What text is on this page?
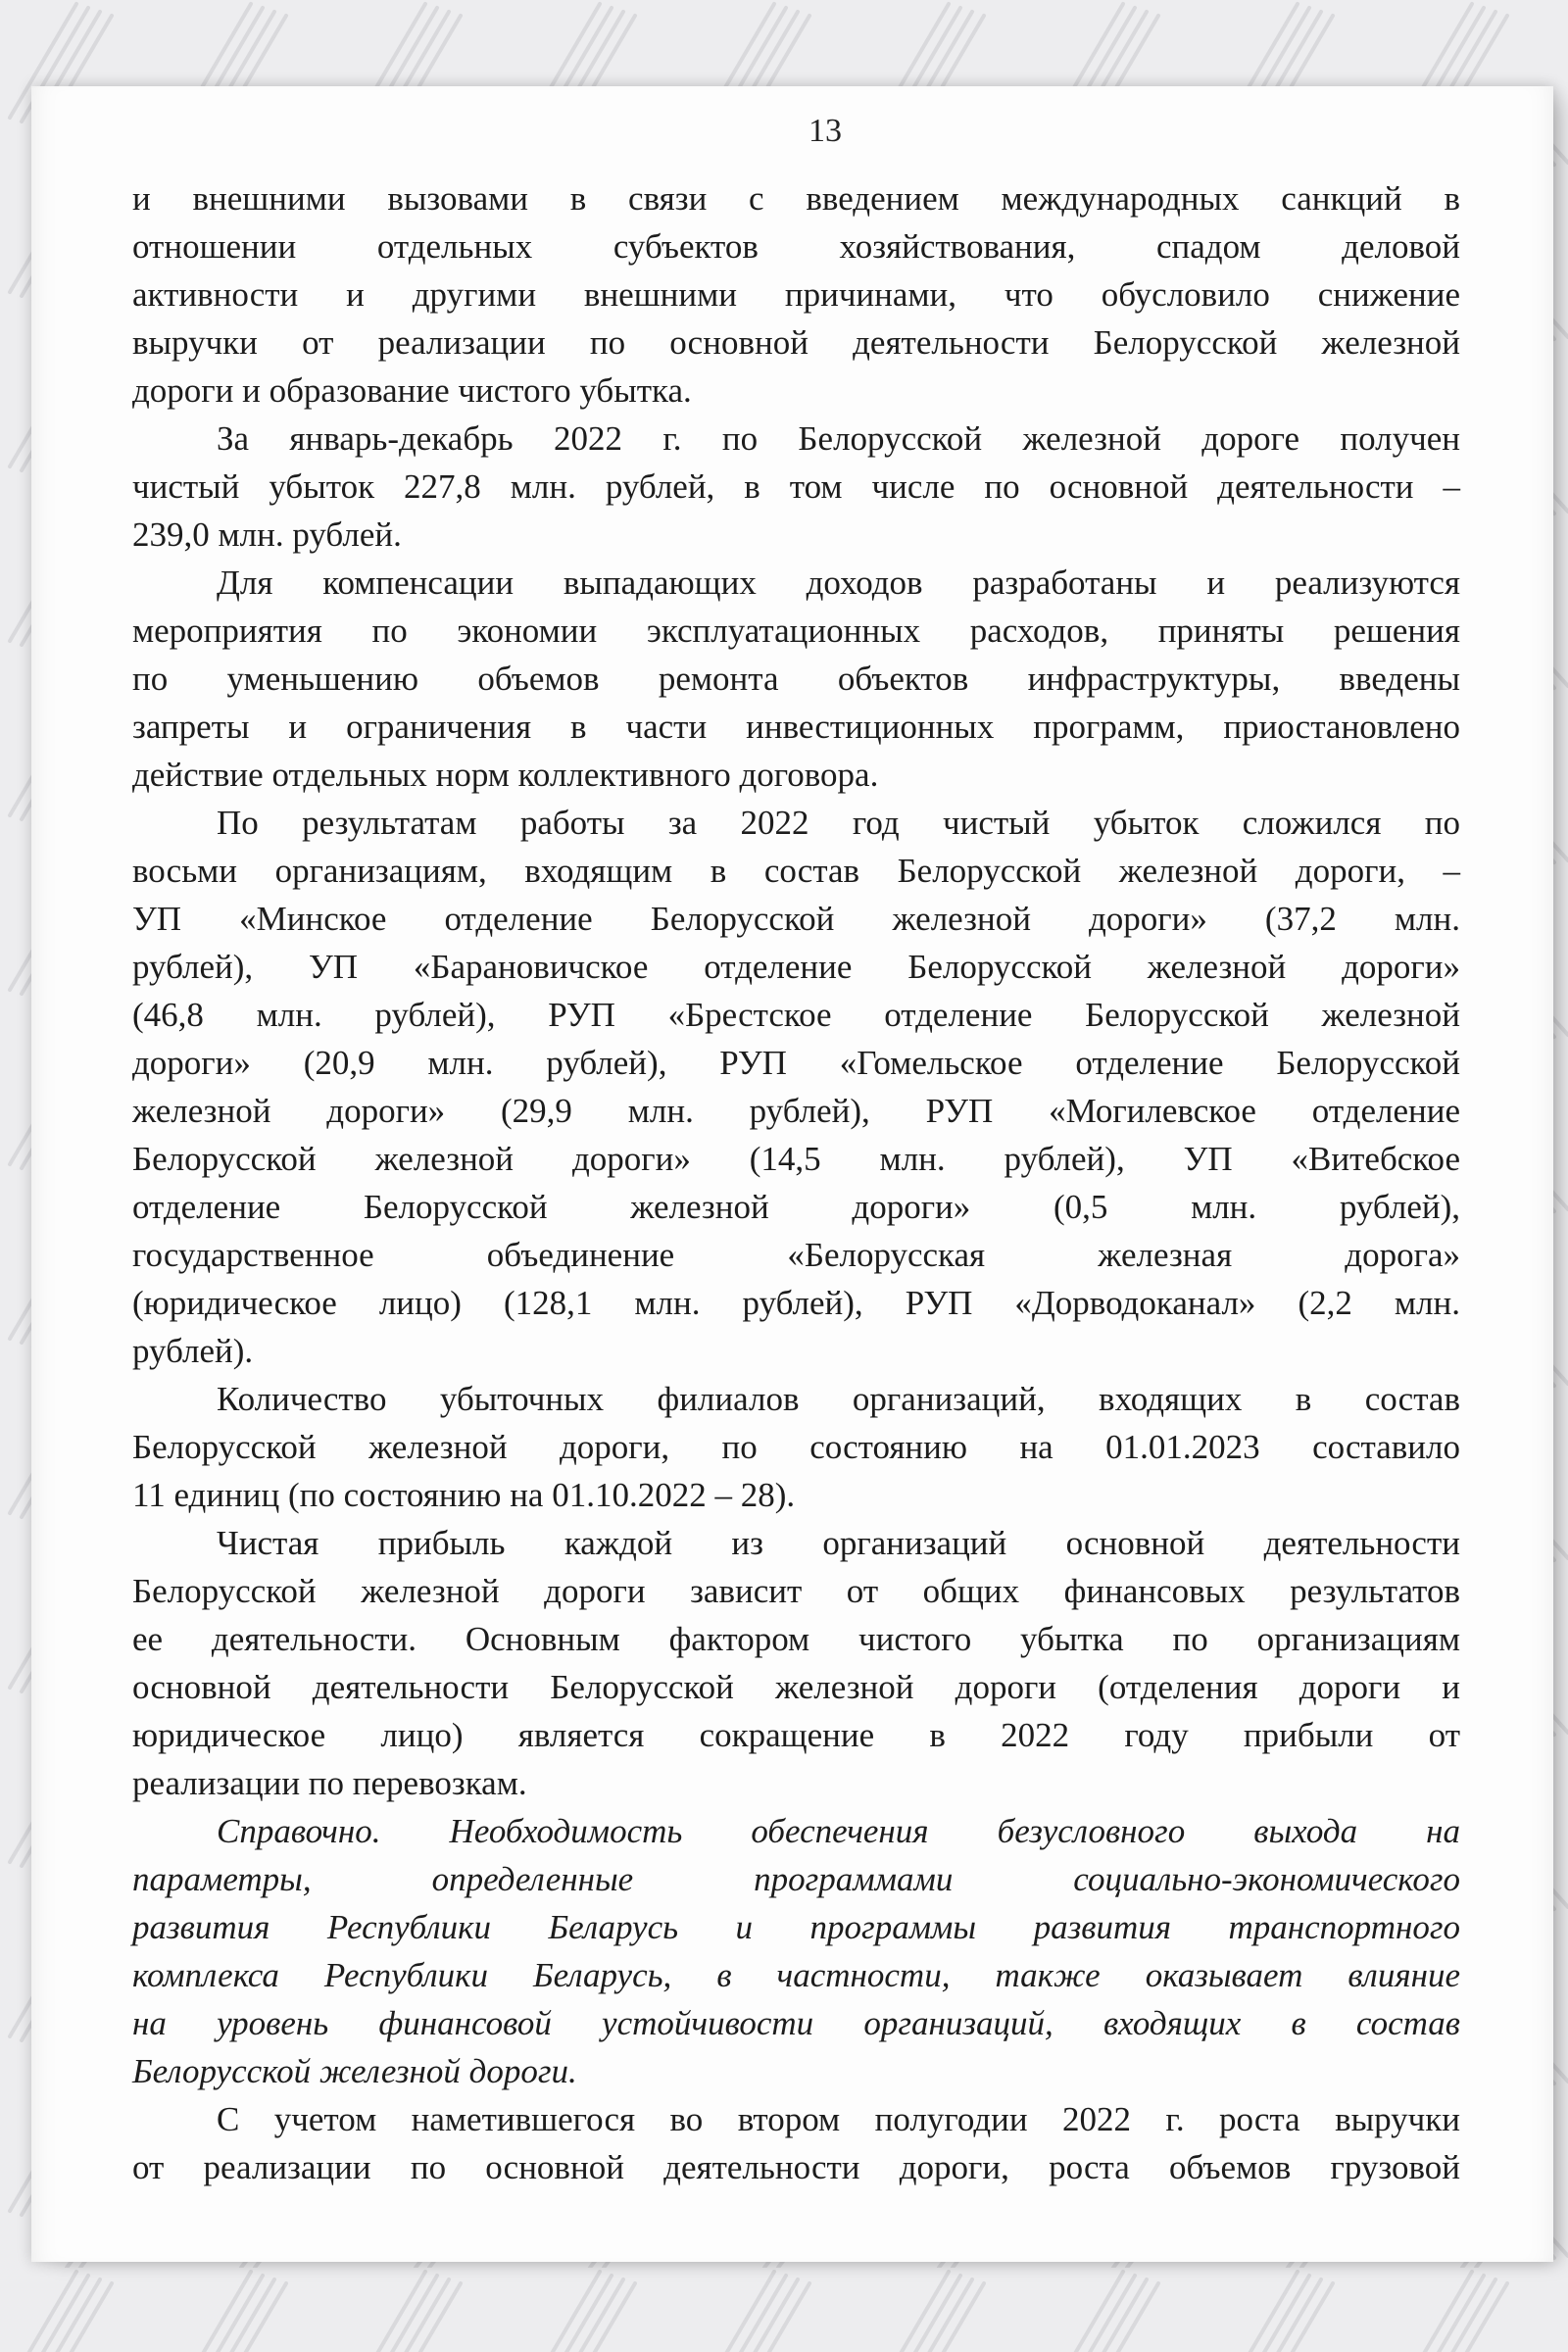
13
и внешними вызовами в связи с введением международных санкций в
отношении отдельных субъектов хозяйствования, спадом деловой
активности и другими внешними причинами, что обусловило снижение
выручки от реализации по основной деятельности Белорусской железной
дороги и образование чистого убытка.
За январь-декабрь 2022 г. по Белорусской железной дороге получен
чистый убыток 227,8 млн. рублей, в том числе по основной деятельности –
239,0 млн. рублей.
Для компенсации выпадающих доходов разработаны и реализуются
мероприятия по экономии эксплуатационных расходов, приняты решения
по уменьшению объемов ремонта объектов инфраструктуры, введены
запреты и ограничения в части инвестиционных программ, приостановлено
действие отдельных норм коллективного договора.
По результатам работы за 2022 год чистый убыток сложился по
восьми организациям, входящим в состав Белорусской железной дороги, –
УП «Минское отделение Белорусской железной дороги» (37,2 млн.
рублей), УП «Барановичское отделение Белорусской железной дороги»
(46,8 млн. рублей), РУП «Брестское отделение Белорусской железной
дороги» (20,9 млн. рублей), РУП «Гомельское отделение Белорусской
железной дороги» (29,9 млн. рублей), РУП «Могилевское отделение
Белорусской железной дороги» (14,5 млн. рублей), УП «Витебское
отделение Белорусской железной дороги» (0,5 млн. рублей),
государственное объединение «Белорусская железная дорога»
(юридическое лицо) (128,1 млн. рублей), РУП «Дорводоканал» (2,2 млн.
рублей).
Количество убыточных филиалов организаций, входящих в состав
Белорусской железной дороги, по состоянию на 01.01.2023 составило
11 единиц (по состоянию на 01.10.2022 – 28).
Чистая прибыль каждой из организаций основной деятельности
Белорусской железной дороги зависит от общих финансовых результатов
ее деятельности. Основным фактором чистого убытка по организациям
основной деятельности Белорусской железной дороги (отделения дороги и
юридическое лицо) является сокращение в 2022 году прибыли от
реализации по перевозкам.
Справочно. Необходимость обеспечения безусловного выхода на
параметры, определенные программами социально-экономического
развития Республики Беларусь и программы развития транспортного
комплекса Республики Беларусь, в частности, также оказывает влияние
на уровень финансовой устойчивости организаций, входящих в состав
Белорусской железной дороги.
С учетом наметившегося во втором полугодии 2022 г. роста выручки
от реализации по основной деятельности дороги, роста объемов грузовой
